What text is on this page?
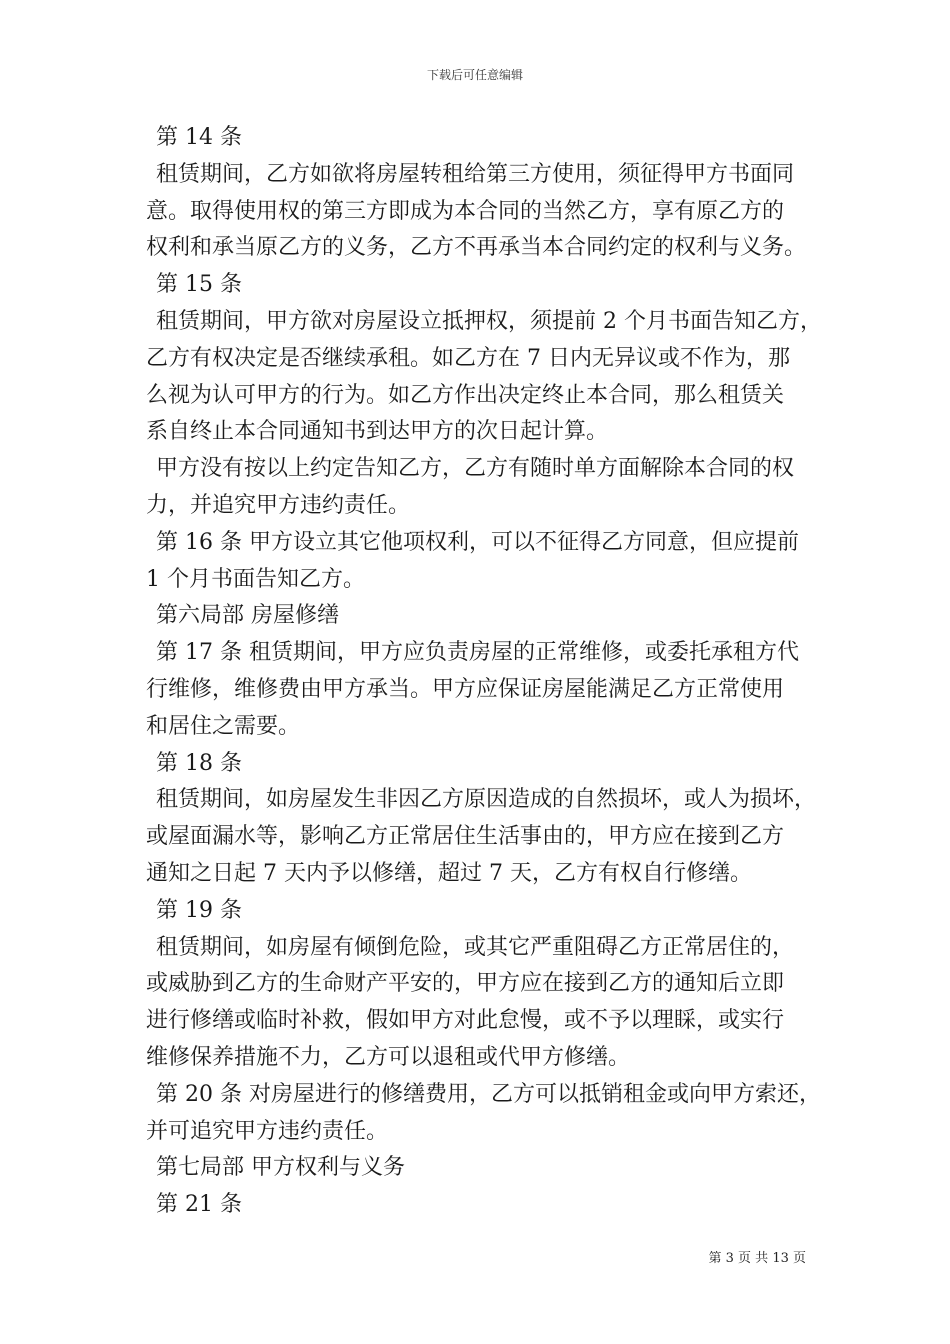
下载后可任意编辑
第 14 条
租赁期间，乙方如欲将房屋转租给第三方使用，须征得甲方书面同
意。取得使用权的第三方即成为本合同的当然乙方，享有原乙方的
权利和承当原乙方的义务，乙方不再承当本合同约定的权利与义务。
第 15 条
租赁期间，甲方欲对房屋设立抵押权，须提前 2 个月书面告知乙方，
乙方有权决定是否继续承租。如乙方在 7 日内无异议或不作为，那
么视为认可甲方的行为。如乙方作出决定终止本合同，那么租赁关
系自终止本合同通知书到达甲方的次日起计算。
甲方没有按以上约定告知乙方，乙方有随时单方面解除本合同的权
力，并追究甲方违约责任。
第 16 条 甲方设立其它他项权利，可以不征得乙方同意，但应提前
1 个月书面告知乙方。
第六局部 房屋修缮
第 17 条 租赁期间，甲方应负责房屋的正常维修，或委托承租方代
行维修，维修费由甲方承当。甲方应保证房屋能满足乙方正常使用
和居住之需要。
第 18 条
租赁期间，如房屋发生非因乙方原因造成的自然损坏，或人为损坏，
或屋面漏水等，影响乙方正常居住生活事由的，甲方应在接到乙方
通知之日起 7 天内予以修缮，超过 7 天，乙方有权自行修缮。
第 19 条
租赁期间，如房屋有倾倒危险，或其它严重阻碍乙方正常居住的，
或威胁到乙方的生命财产平安的，甲方应在接到乙方的通知后立即
进行修缮或临时补救，假如甲方对此怠慢，或不予以理睬，或实行
维修保养措施不力，乙方可以退租或代甲方修缮。
第 20 条 对房屋进行的修缮费用，乙方可以抵销租金或向甲方索还，
并可追究甲方违约责任。
第七局部 甲方权利与义务
第 21 条
第 3 页 共 13 页
